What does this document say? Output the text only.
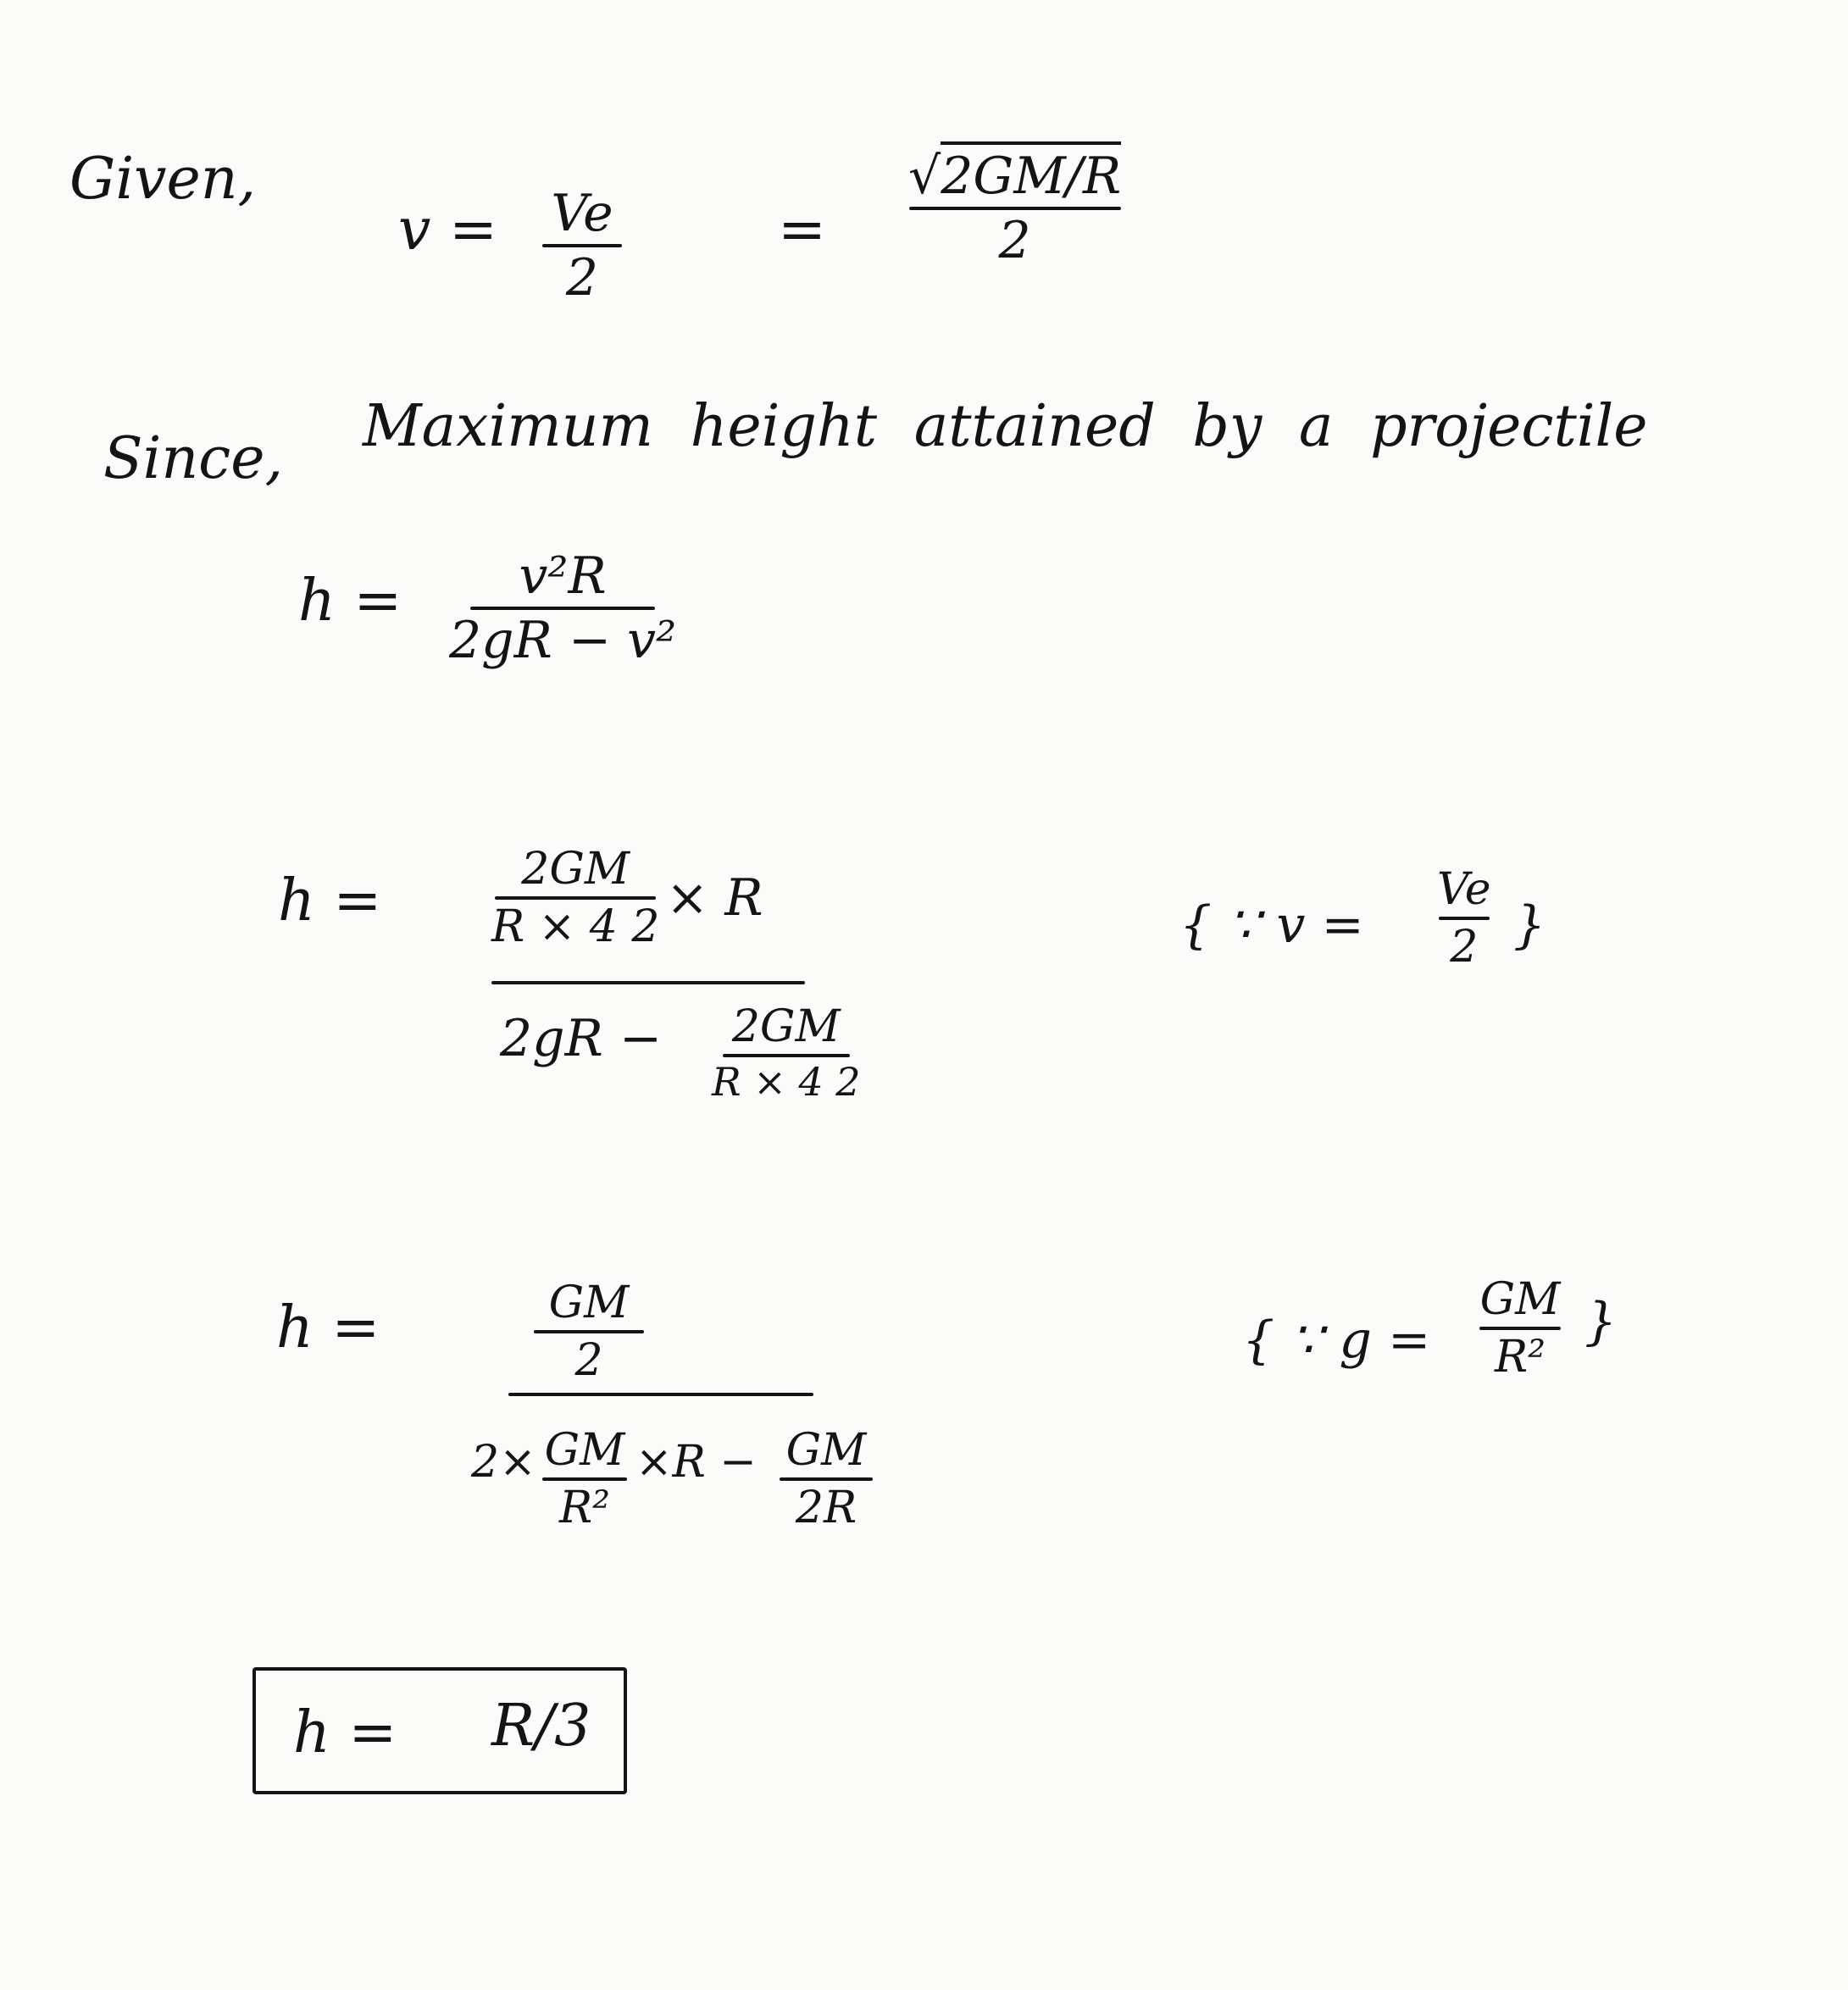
Given,
v = Ve
2
=
√2GM/R
2
Since, Maximum height attained by a projectile
h = v²R
2gR − v²
h =	2GM
R × 4 2 × R
2gR − 2GM
R × 4 2
{ ∵ v =
Ve
2 }
h =	GM
2
2× GM
R²
×R − GM
2R
{ ∵ g =
GM
R²
}
h = R/3
